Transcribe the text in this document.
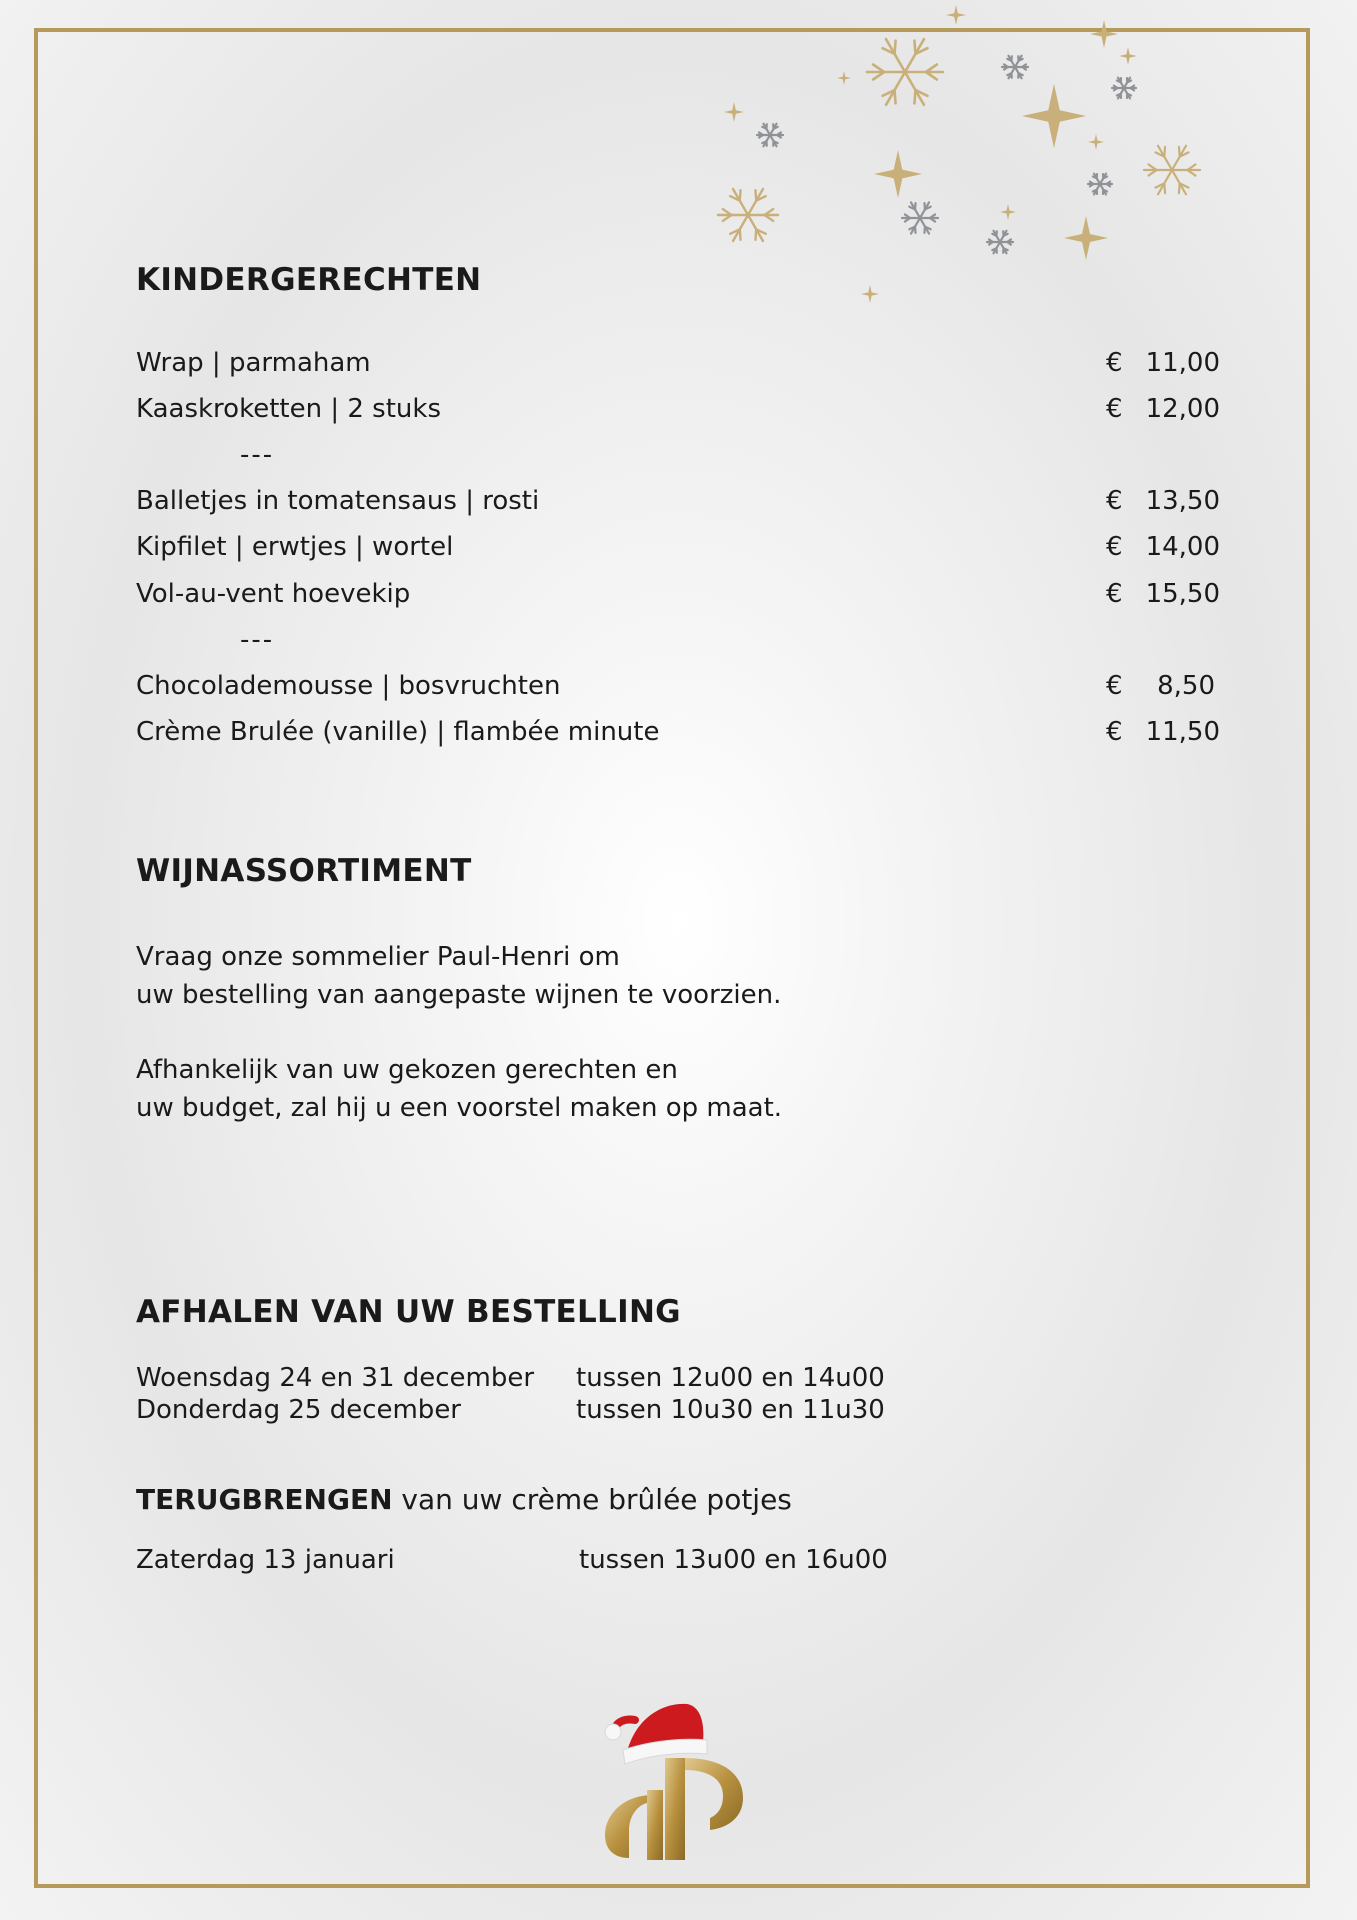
KINDERGERECHTEN
Wrap | parmaham	€ 11,00
Kaaskroketten | 2 stuks	€ 12,00
---
Balletjes in tomatensaus | rosti	€ 13,50
Kipfilet | erwtjes | wortel	€ 14,00
Vol-au-vent hoevekip	€ 15,50
---
Chocolademousse | bosvruchten	€ 8,50
Crème Brulée (vanille) | flambée minute	€ 11,50
WIJNASSORTIMENT
Vraag onze sommelier Paul-Henri om
uw bestelling van aangepaste wijnen te voorzien.
Afhankelijk van uw gekozen gerechten en
uw budget, zal hij u een voorstel maken op maat.
AFHALEN VAN UW BESTELLING
Woensdag 24 en 31 december tussen 12u00 en 14u00
Donderdag 25 december	tussen 10u30 en 11u30
TERUGBRENGEN van uw crème brûlée potjes
Zaterdag 13 januari	tussen 13u00 en 16u00
